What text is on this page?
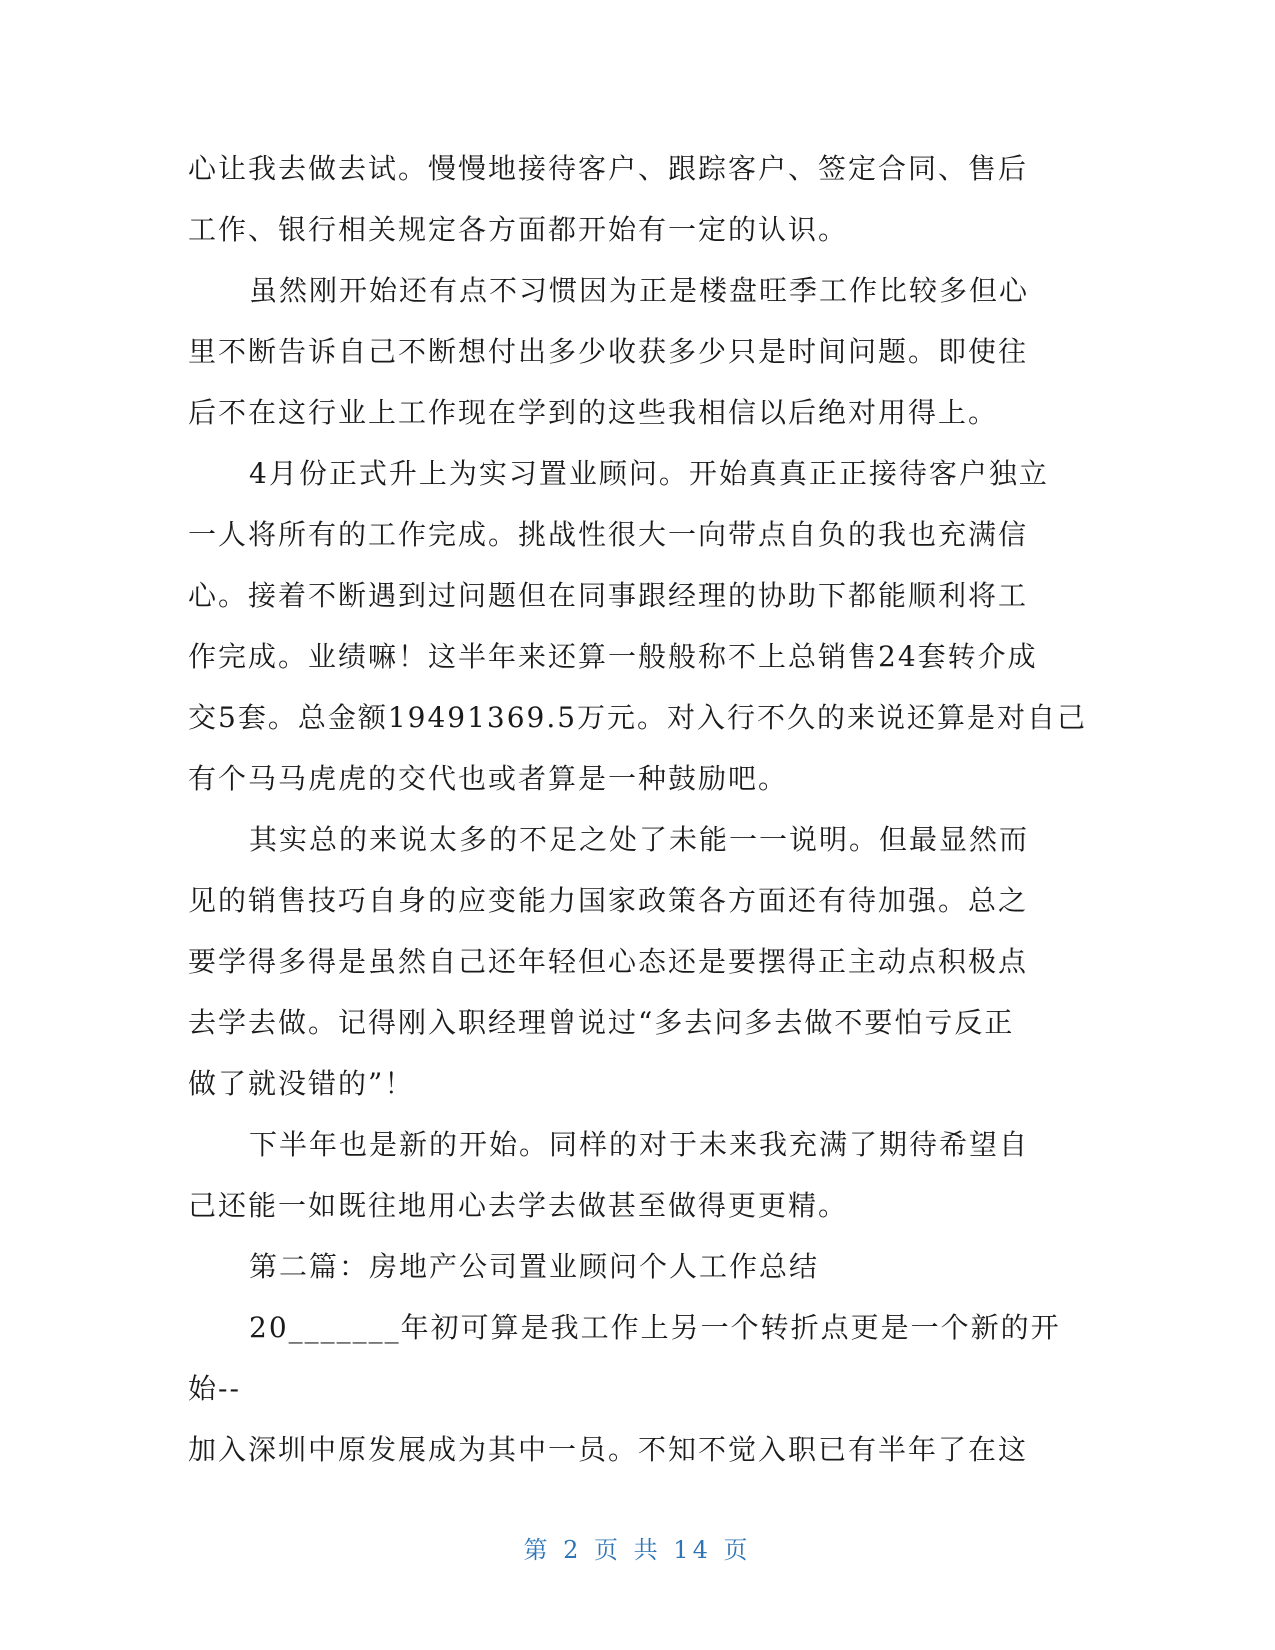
心让我去做去试。慢慢地接待客户、跟踪客户、签定合同、售后
工作、银行相关规定各方面都开始有一定的认识。
虽然刚开始还有点不习惯因为正是楼盘旺季工作比较多但心
里不断告诉自己不断想付出多少收获多少只是时间问题。即使往
后不在这行业上工作现在学到的这些我相信以后绝对用得上。
4月份正式升上为实习置业顾问。开始真真正正接待客户独立
一人将所有的工作完成。挑战性很大一向带点自负的我也充满信
心。接着不断遇到过问题但在同事跟经理的协助下都能顺利将工
作完成。业绩嘛！这半年来还算一般般称不上总销售24套转介成
交5套。总金额19491369.5万元。对入行不久的来说还算是对自己
有个马马虎虎的交代也或者算是一种鼓励吧。
其实总的来说太多的不足之处了未能一一说明。但最显然而
见的销售技巧自身的应变能力国家政策各方面还有待加强。总之
要学得多得是虽然自己还年轻但心态还是要摆得正主动点积极点
去学去做。记得刚入职经理曾说过“多去问多去做不要怕亏反正
做了就没错的”！
下半年也是新的开始。同样的对于未来我充满了期待希望自
己还能一如既往地用心去学去做甚至做得更更精。
第二篇：房地产公司置业顾问个人工作总结
20_______年初可算是我工作上另一个转折点更是一个新的开
始--
加入深圳中原发展成为其中一员。不知不觉入职已有半年了在这
第 2 页 共 14 页
